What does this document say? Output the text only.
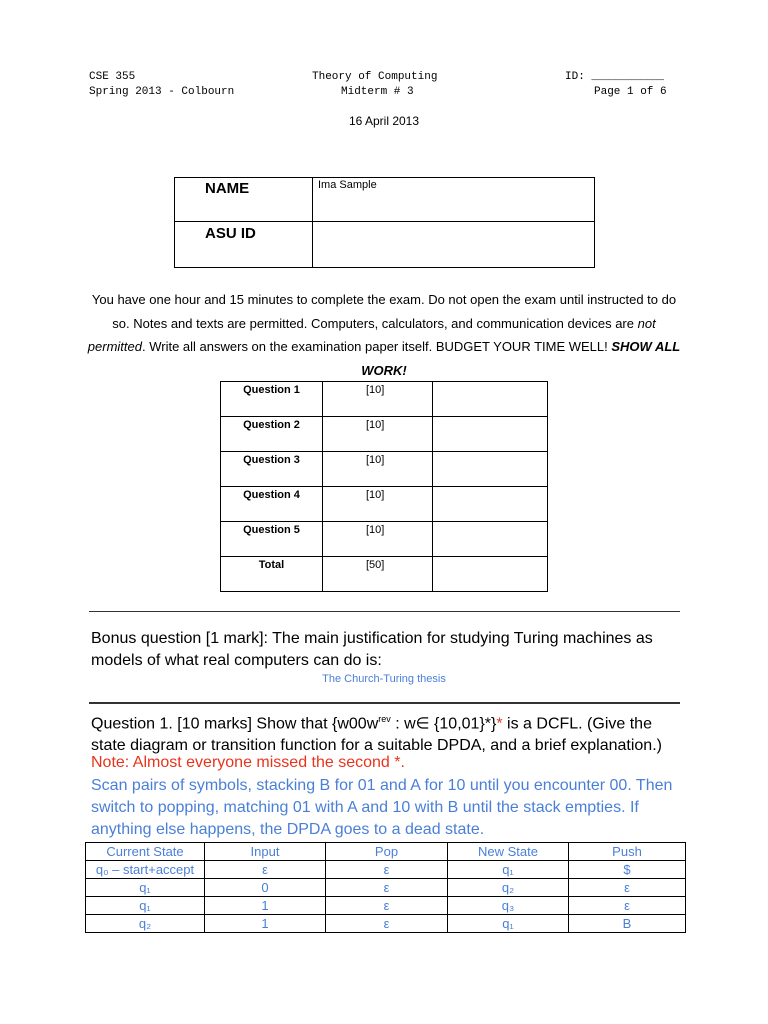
CSE 355
Spring 2013 - Colbourn
Theory of Computing
Midterm # 3
ID: ___________
Page 1 of 6
16 April 2013
NAME	Ima Sample
ASU ID	
You have one hour and 15 minutes to complete the exam. Do not open the exam until instructed to do so. Notes and texts are permitted. Computers, calculators, and communication devices are not permitted. Write all answers on the examination paper itself. BUDGET YOUR TIME WELL! SHOW ALL WORK!
Question 1	[10]	
Question 2	[10]	
Question 3	[10]	
Question 4	[10]	
Question 5	[10]	
Total	[50]	
Bonus question [1 mark]: The main justification for studying Turing machines as models of what real computers can do is:
The Church-Turing thesis
Question 1. [10 marks] Show that {$w00w^{rev}$ : w∈ {10,01}*}* is a DCFL. (Give the state diagram or transition function for a suitable DPDA, and a brief explanation.)
Note: Almost everyone missed the second *.
Scan pairs of symbols, stacking B for 01 and A for 10 until you encounter 00. Then switch to popping, matching 01 with A and 10 with B until the stack empties. If anything else happens, the DPDA goes to a dead state.
Current State	Input	Pop	New State	Push
q₀ – start+accept	ε	ε	q₁	$
q₁	0	ε	q₂	ε
q₁	1	ε	q₃	ε
q₂	1	ε	q₁	B
